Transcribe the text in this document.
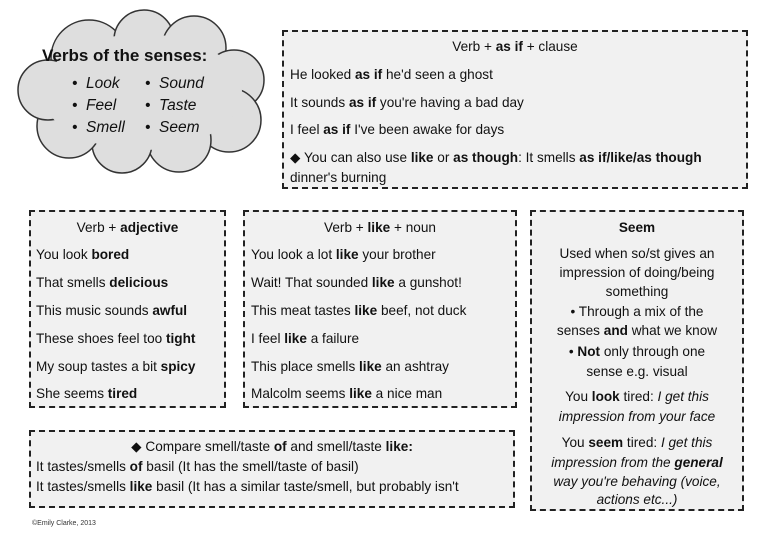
Verbs of the senses:
•  Look •  Sound
•  Feel •  Taste
•  Smell •  Seem
Verb + as if + clause
He looked as if he'd seen a ghost
It sounds as if you're having a bad day
I feel as if I've been awake for days
◆ You can also use like or as though: It smells as if/like/as though
dinner's burning
Verb + adjective
You look bored
That smells delicious
This music sounds awful
These shoes feel too tight
My soup tastes a bit spicy
She seems tired
Verb + like + noun
You look a lot like your brother
Wait! That sounded like a gunshot!
This meat tastes like beef, not duck
I feel like a failure
This place smells like an ashtray
Malcolm seems like a nice man
◆ Compare smell/taste of and smell/taste like:
It tastes/smells of basil (It has the smell/taste of basil)
It tastes/smells like basil (It has a similar taste/smell, but probably isn't
Seem
Used when so/st gives an
impression of doing/being
something
• Through a mix of the
senses and what we know
• Not only through one
sense e.g. visual
You look tired: I get this
impression from your face
You seem tired: I get this
impression from the general
way you're behaving (voice,
actions etc...)
©Emily Clarke, 2013
